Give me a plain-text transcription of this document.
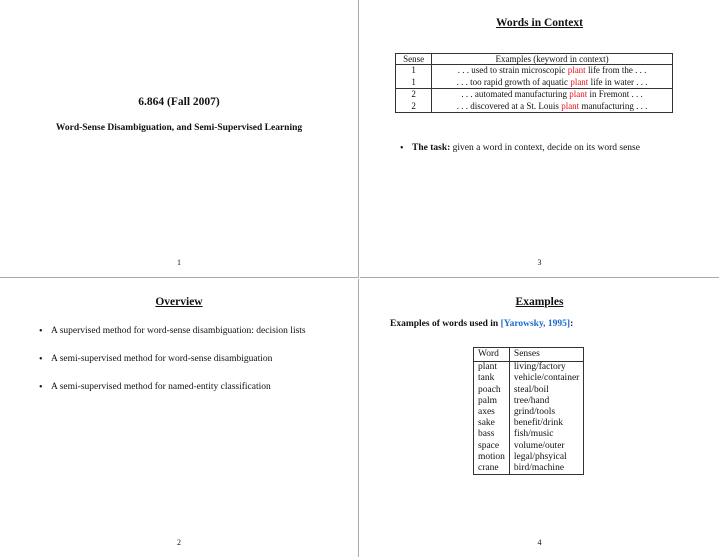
6.864 (Fall 2007)
Word-Sense Disambiguation, and Semi-Supervised Learning
1
Words in Context
Sense	Examples (keyword in context)
1	. . . used to strain microscopic plant life from the . . .
1	. . . too rapid growth of aquatic plant life in water . . .
2	. . . automated manufacturing plant in Fremont . . .
2	. . . discovered at a St. Louis plant manufacturing . . .
• The task: given a word in context, decide on its word sense
3
Overview
• A supervised method for word-sense disambiguation: decision lists
• A semi-supervised method for word-sense disambiguation
• A semi-supervised method for named-entity classification
2
Examples
Examples of words used in [Yarowsky, 1995]:
Word	Senses
plant	living/factory
tank	vehicle/container
poach	steal/boil
palm	tree/hand
axes	grind/tools
sake	benefit/drink
bass	fish/music
space	volume/outer
motion	legal/phsyical
crane	bird/machine
4
